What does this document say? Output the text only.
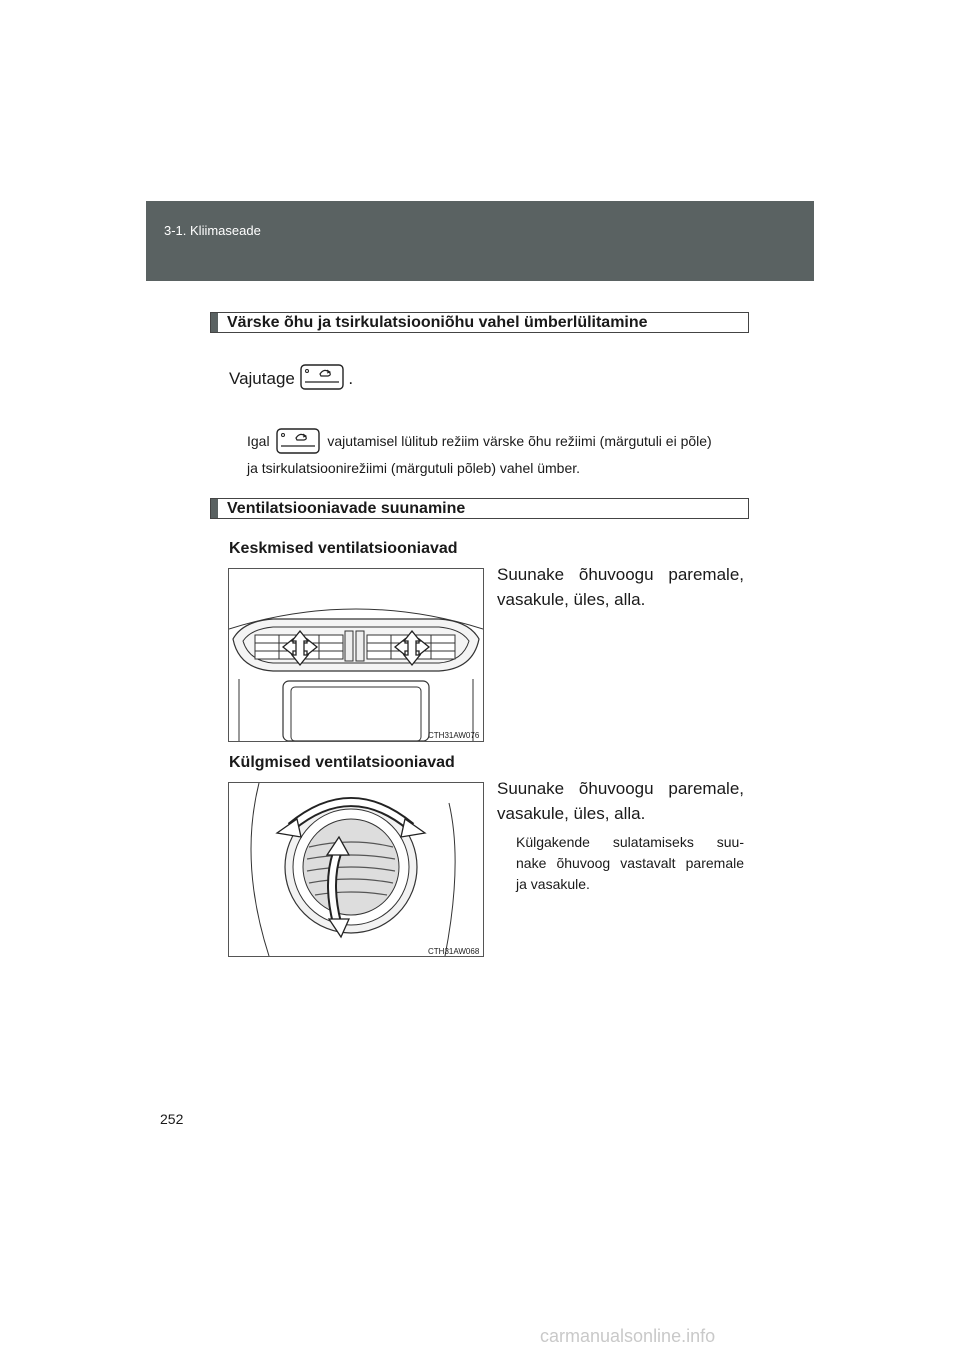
3-1. Kliimaseade
Värske õhu ja tsirkulatsiooniõhu vahel ümberlülitamine
Vajutage	.
Igal	vajutamisel lülitub režiim värske õhu režiimi (märgutuli ei põle)
ja tsirkulatsioonirežiimi (märgutuli põleb) vahel ümber.
Ventilatsiooniavade suunamine
Keskmised ventilatsiooniavad
CTH31AW076
Suunake õhuvoogu paremale,
vasakule, üles, alla.
Külgmised ventilatsiooniavad
CTH31AW068
Suunake õhuvoogu paremale,
vasakule, üles, alla.
Külgakende sulatamiseks suu-
nake õhuvoog vastavalt paremale
ja vasakule.
252
carmanualsonline.info
